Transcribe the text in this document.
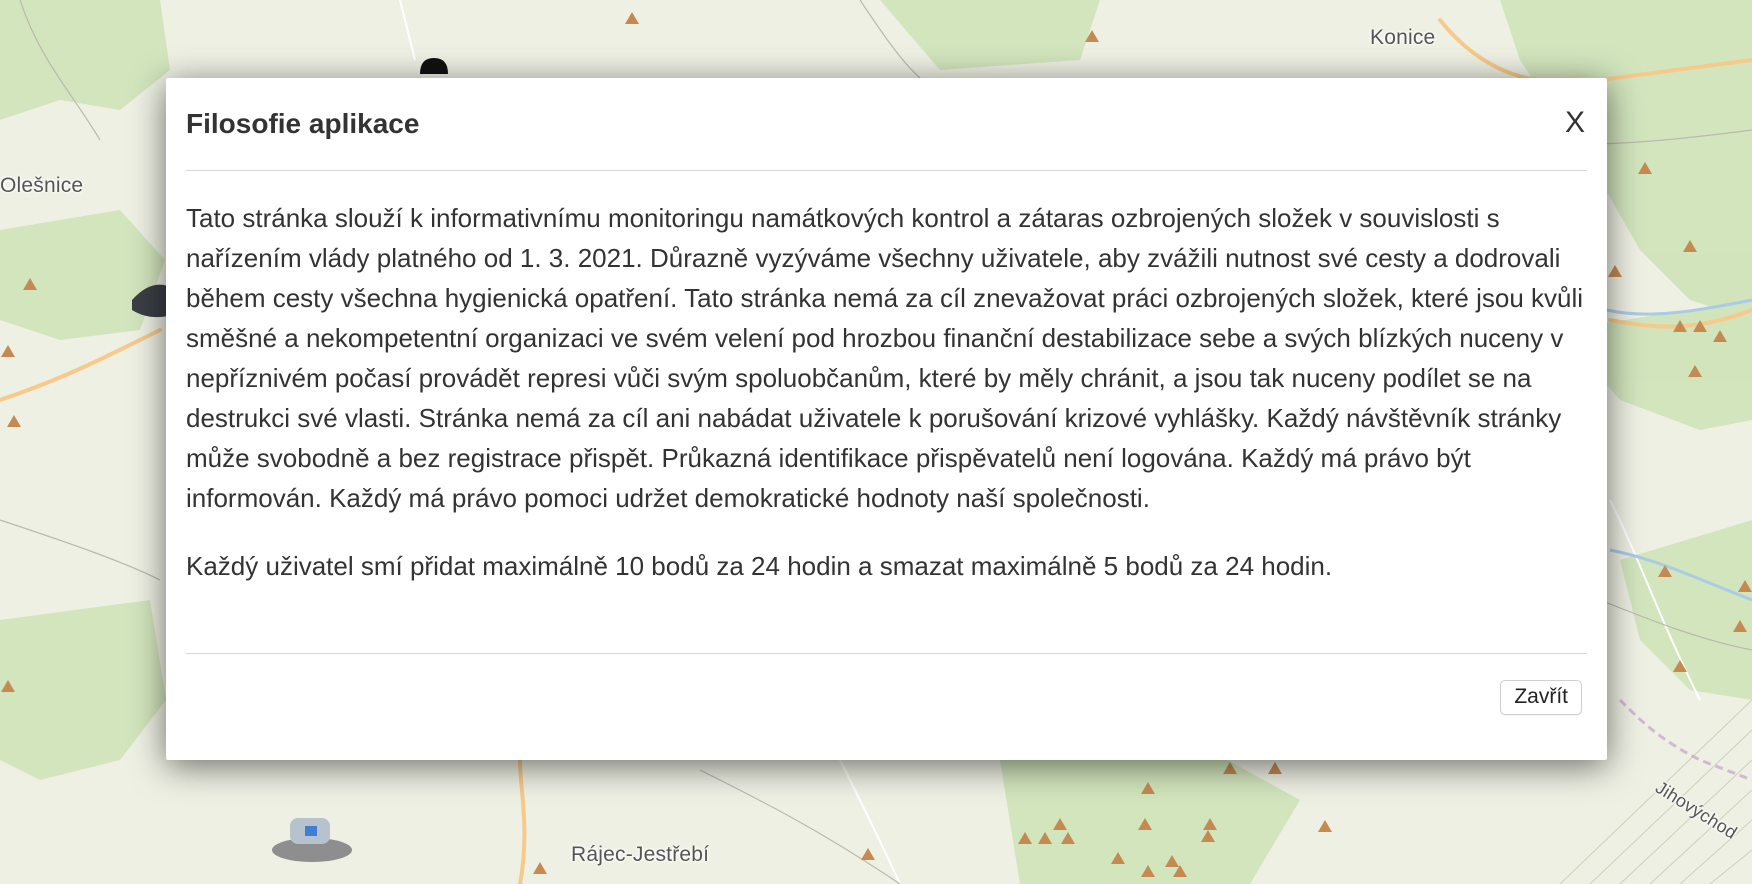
Konice
Olešnice
Rájec-Jestřebí
Jihovýchod
Filosofie aplikace	X

Tato stránka slouží k informativnímu monitoringu namátkových kontrol a zátaras ozbrojených složek v souvislosti s nařízením vlády platného od 1. 3. 2021. Důrazně vyzýváme všechny uživatele, aby zvážili nutnost své cesty a dodrovali během cesty všechna hygienická opatření. Tato stránka nemá za cíl znevažovat práci ozbrojených složek, které jsou kvůli směšné a nekompetentní organizaci ve svém velení pod hrozbou finanční destabilizace sebe a svých blízkých nuceny v nepříznivém počasí provádět represi vůči svým spoluobčanům, které by měly chránit, a jsou tak nuceny podílet se na destrukci své vlasti. Stránka nemá za cíl ani nabádat uživatele k porušování krizové vyhlášky. Každý návštěvník stránky může svobodně a bez registrace přispět. Průkazná identifikace přispěvatelů není logována. Každý má právo být informován. Každý má právo pomoci udržet demokratické hodnoty naší společnosti.

Každý uživatel smí přidat maximálně 10 bodů za 24 hodin a smazat maximálně 5 bodů za 24 hodin.

Zavřít
